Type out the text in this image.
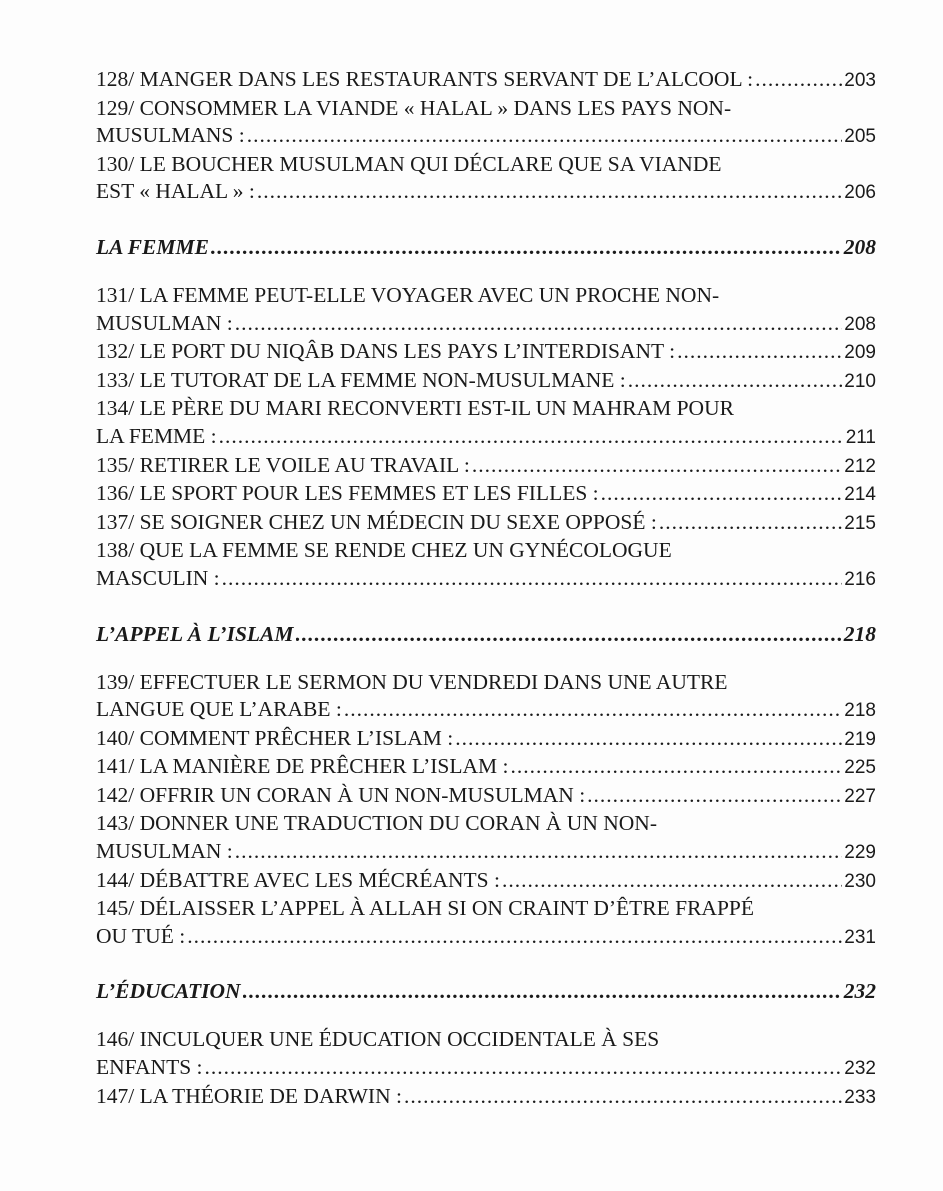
128/ MANGER DANS LES RESTAURANTS SERVANT DE L’ALCOOL : .....	203
129/ CONSOMMER LA VIANDE « HALAL » DANS LES PAYS NON-
MUSULMANS : .....	205
130/ LE BOUCHER MUSULMAN QUI DÉCLARE QUE SA VIANDE
EST « HALAL » : .....	206
LA FEMME .....	208
131/ LA FEMME PEUT-ELLE VOYAGER AVEC UN PROCHE NON-
MUSULMAN : .....	208
132/ LE PORT DU NIQÂB DANS LES PAYS L’INTERDISANT : .....	209
133/ LE TUTORAT DE LA FEMME NON-MUSULMANE : .....	210
134/ LE PÈRE DU MARI RECONVERTI EST-IL UN MAHRAM POUR
LA FEMME : .....	211
135/ RETIRER LE VOILE AU TRAVAIL : .....	212
136/ LE SPORT POUR LES FEMMES ET LES FILLES : .....	214
137/ SE SOIGNER CHEZ UN MÉDECIN DU SEXE OPPOSÉ : .....	215
138/ QUE LA FEMME SE RENDE CHEZ UN GYNÉCOLOGUE
MASCULIN : .....	216
L’APPEL À L’ISLAM .....	218
139/ EFFECTUER LE SERMON DU VENDREDI DANS UNE AUTRE
LANGUE QUE L’ARABE : .....	218
140/ COMMENT PRÊCHER L’ISLAM : .....	219
141/ LA MANIÈRE DE PRÊCHER L’ISLAM : .....	225
142/ OFFRIR UN CORAN À UN NON-MUSULMAN : .....	227
143/ DONNER UNE TRADUCTION DU CORAN À UN NON-
MUSULMAN : .....	229
144/ DÉBATTRE AVEC LES MÉCRÉANTS : .....	230
145/ DÉLAISSER L’APPEL À ALLAH SI ON CRAINT D’ÊTRE FRAPPÉ
OU TUÉ : .....	231
L’ÉDUCATION .....	232
146/ INCULQUER UNE ÉDUCATION OCCIDENTALE À SES
ENFANTS : .....	232
147/ LA THÉORIE DE DARWIN : .....	233
